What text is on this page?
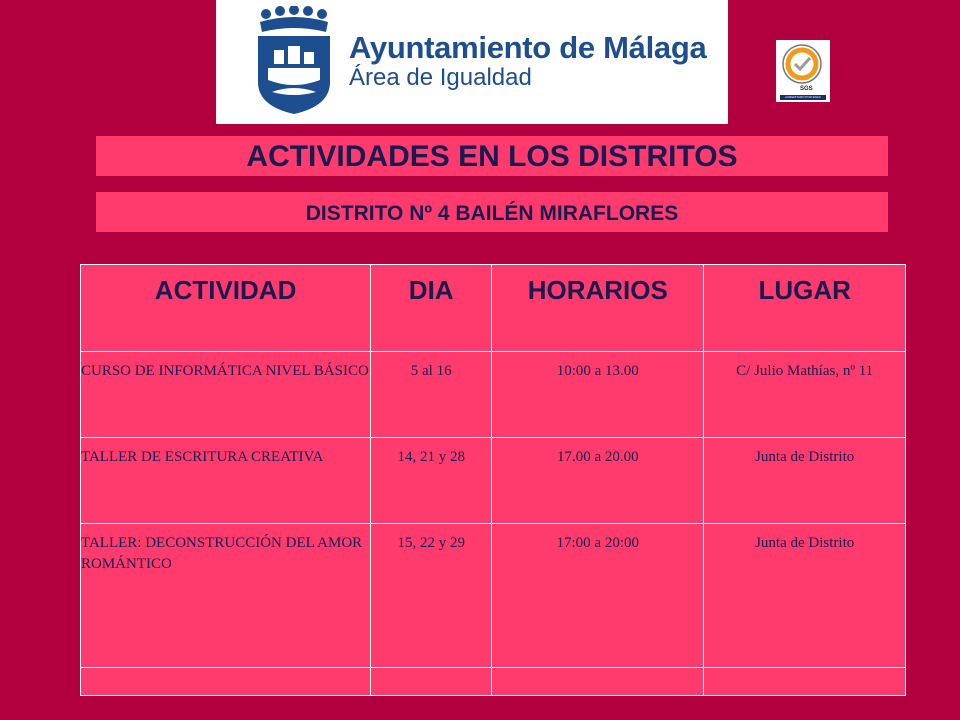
Ayuntamiento de Málaga
Área de Igualdad	SGS
ACREDITADO POR ENAC
ACTIVIDADES EN LOS DISTRITOS
DISTRITO Nº 4 BAILÉN MIRAFLORES
ACTIVIDAD	DIA	HORARIOS	LUGAR
CURSO DE INFORMÁTICA NIVEL BÁSICO	5 al 16	10:00 a 13.00	C/ Julio Mathías, nº 11
TALLER DE ESCRITURA CREATIVA	14, 21 y 28	17.00 a 20.00	Junta de Distrito
TALLER: DECONSTRUCCIÓN DEL AMOR ROMÁNTICO	15, 22 y 29	17:00 a 20:00	Junta de Distrito
